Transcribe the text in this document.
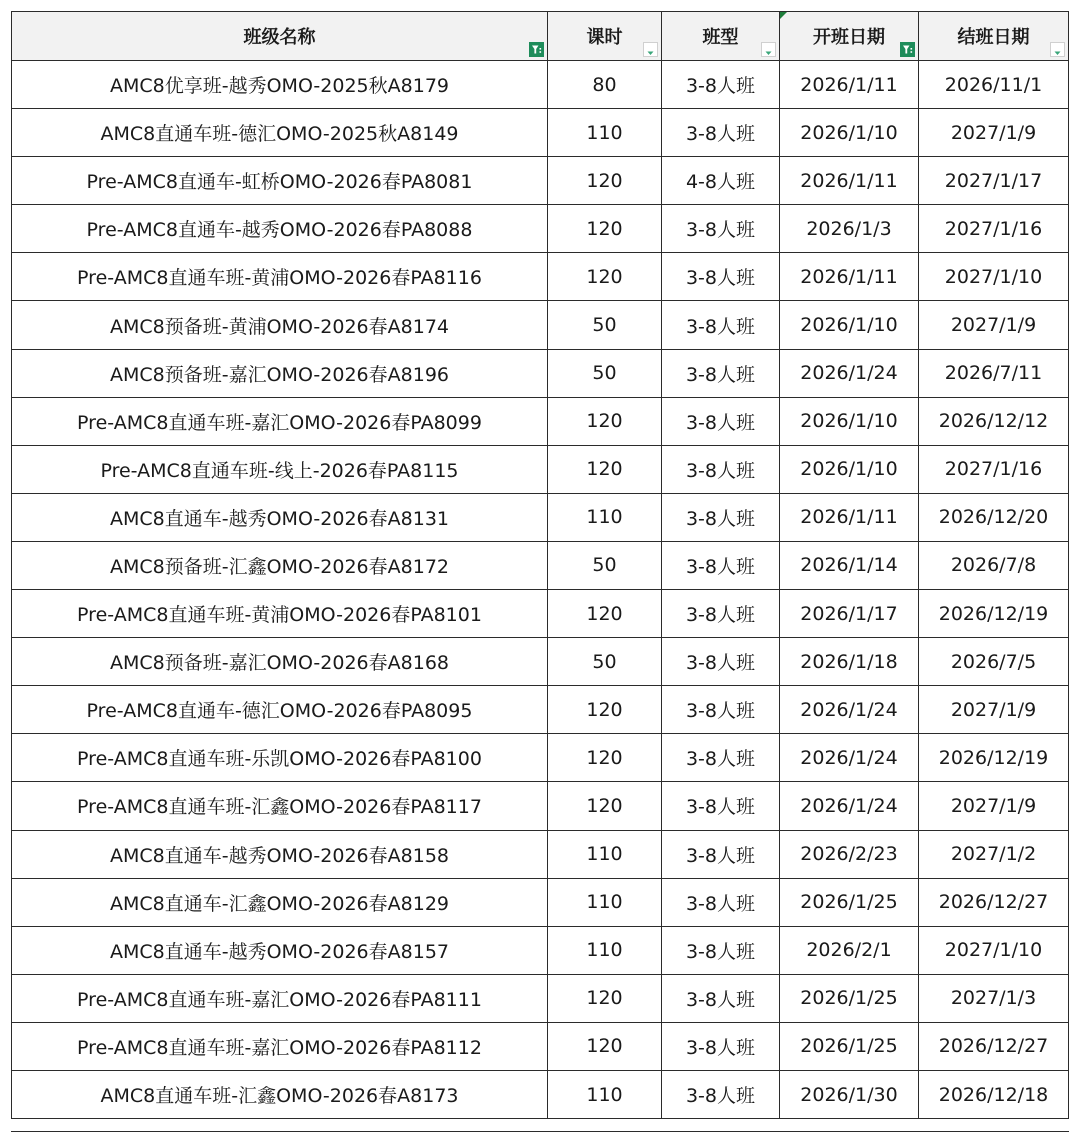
班级名称	课时	班型	开班日期	结班日期

AMC8优享班-越秀OMO-2025秋A8179	80	3-8人班	2026/1/11	2026/11/1
AMC8直通车班-德汇OMO-2025秋A8149	110	3-8人班	2026/1/10	2027/1/9
Pre-AMC8直通车-虹桥OMO-2026春PA8081	120	4-8人班	2026/1/11	2027/1/17
Pre-AMC8直通车-越秀OMO-2026春PA8088	120	3-8人班	2026/1/3	2027/1/16
Pre-AMC8直通车班-黄浦OMO-2026春PA8116	120	3-8人班	2026/1/11	2027/1/10
AMC8预备班-黄浦OMO-2026春A8174	50	3-8人班	2026/1/10	2027/1/9
AMC8预备班-嘉汇OMO-2026春A8196	50	3-8人班	2026/1/24	2026/7/11
Pre-AMC8直通车班-嘉汇OMO-2026春PA8099	120	3-8人班	2026/1/10	2026/12/12
Pre-AMC8直通车班-线上-2026春PA8115	120	3-8人班	2026/1/10	2027/1/16
AMC8直通车-越秀OMO-2026春A8131	110	3-8人班	2026/1/11	2026/12/20
AMC8预备班-汇鑫OMO-2026春A8172	50	3-8人班	2026/1/14	2026/7/8
Pre-AMC8直通车班-黄浦OMO-2026春PA8101	120	3-8人班	2026/1/17	2026/12/19
AMC8预备班-嘉汇OMO-2026春A8168	50	3-8人班	2026/1/18	2026/7/5
Pre-AMC8直通车-德汇OMO-2026春PA8095	120	3-8人班	2026/1/24	2027/1/9
Pre-AMC8直通车班-乐凯OMO-2026春PA8100	120	3-8人班	2026/1/24	2026/12/19
Pre-AMC8直通车班-汇鑫OMO-2026春PA8117	120	3-8人班	2026/1/24	2027/1/9
AMC8直通车-越秀OMO-2026春A8158	110	3-8人班	2026/2/23	2027/1/2
AMC8直通车-汇鑫OMO-2026春A8129	110	3-8人班	2026/1/25	2026/12/27
AMC8直通车-越秀OMO-2026春A8157	110	3-8人班	2026/2/1	2027/1/10
Pre-AMC8直通车班-嘉汇OMO-2026春PA8111	120	3-8人班	2026/1/25	2027/1/3
Pre-AMC8直通车班-嘉汇OMO-2026春PA8112	120	3-8人班	2026/1/25	2026/12/27
AMC8直通车班-汇鑫OMO-2026春A8173	110	3-8人班	2026/1/30	2026/12/18
